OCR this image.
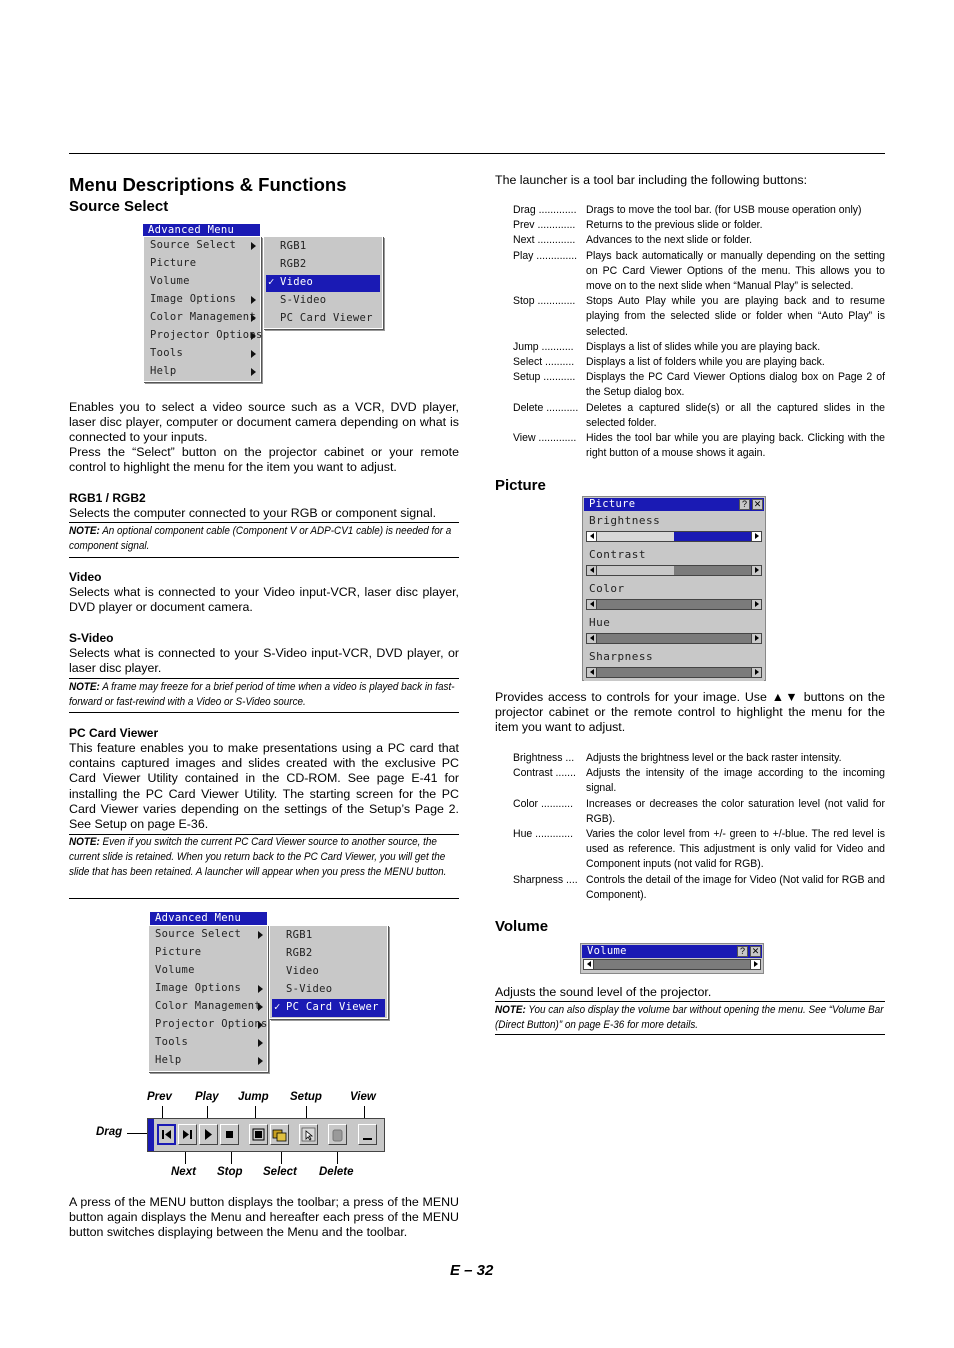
Menu Descriptions & Functions
Source Select
Advanced Menu
Source Select
Picture
Volume
Image Options
Color Management
Projector Options
Tools
Help
RGB1
RGB2
✓ Video
S-Video
PC Card Viewer
Enables you to select a video source such as a VCR, DVD player, laser disc player, computer or document camera depending on what is connected to your inputs.
Press the “Select” button on the projector cabinet or your remote control to highlight the menu for the item you want to adjust.
RGB1 / RGB2
Selects the computer connected to your RGB or component signal.
NOTE: An optional component cable (Component V or ADP-CV1 cable) is needed for a component signal.
Video
Selects what is connected to your Video input-VCR, laser disc player, DVD player or document camera.
S-Video
Selects what is connected to your S-Video input-VCR, DVD player, or laser disc player.
NOTE: A frame may freeze for a brief period of time when a video is played back in fast-forward or fast-rewind with a Video or S-Video source.
PC Card Viewer
This feature enables you to make presentations using a PC card that contains captured images and slides created with the exclusive PC Card Viewer Utility contained in the CD-ROM. See page E-41 for installing the PC Card Viewer Utility. The starting screen for the PC Card Viewer varies depending on the settings of the Setup’s Page 2. See Setup on page E-36.
NOTE: Even if you switch the current PC Card Viewer source to another source, the current slide is retained. When you return back to the PC Card Viewer, you will get the slide that has been retained. A launcher will appear when you press the MENU button.
Advanced Menu
Source Select
Picture
Volume
Image Options
Color Management
Projector Options
Tools
Help
RGB1
RGB2
Video
S-Video
✓ PC Card Viewer
Prev Play Jump Setup View
Drag
Next Stop Select Delete
A press of the MENU button displays the toolbar; a press of the MENU button again displays the Menu and hereafter each press of the MENU button switches displaying between the Menu and the toolbar.
E – 32
The launcher is a tool bar including the following buttons:
Drag ............. Drags to move the tool bar. (for USB mouse operation only)
Prev ............. Returns to the previous slide or folder.
Next ............. Advances to the next slide or folder.
Play .............. Plays back automatically or manually depending on the setting on PC Card Viewer Options of the menu. This allows you to move on to the next slide when “Manual Play” is selected.
Stop ............. Stops Auto Play while you are playing back and to resume playing from the selected slide or folder when “Auto Play” is selected.
Jump ...........	Displays a list of slides while you are playing back.
Select ..........	Displays a list of folders while you are playing back.
Setup ........... Displays the PC Card Viewer Options dialog box on Page 2 of the Setup dialog box.
Delete ........... Deletes a captured slide(s) or all the captured slides in the selected folder.
View ............. Hides the tool bar while you are playing back. Clicking with the right button of a mouse shows it again.
Picture
Picture	? ✕
Brightness
Contrast
Color
Hue
Sharpness
Provides access to controls for your image. Use ▲▼ buttons on the projector cabinet or the remote control to highlight the menu for the item you want to adjust.
Brightness ...	Adjusts the brightness level or the back raster intensity.
Contrast ....... Adjusts the intensity of the image according to the incoming signal.
Color ...........	Increases or decreases the color saturation level (not valid for RGB).
Hue .............	Varies the color level from +/- green to +/-blue. The red level is used as reference. This adjustment is only valid for Video and Component inputs (not valid for RGB).
Sharpness .... Controls the detail of the image for Video (Not valid for RGB and Component).
Volume
Volume	? ✕
Adjusts the sound level of the projector.
NOTE: You can also display the volume bar without opening the menu. See “Volume Bar (Direct Button)” on page E-36 for more details.
